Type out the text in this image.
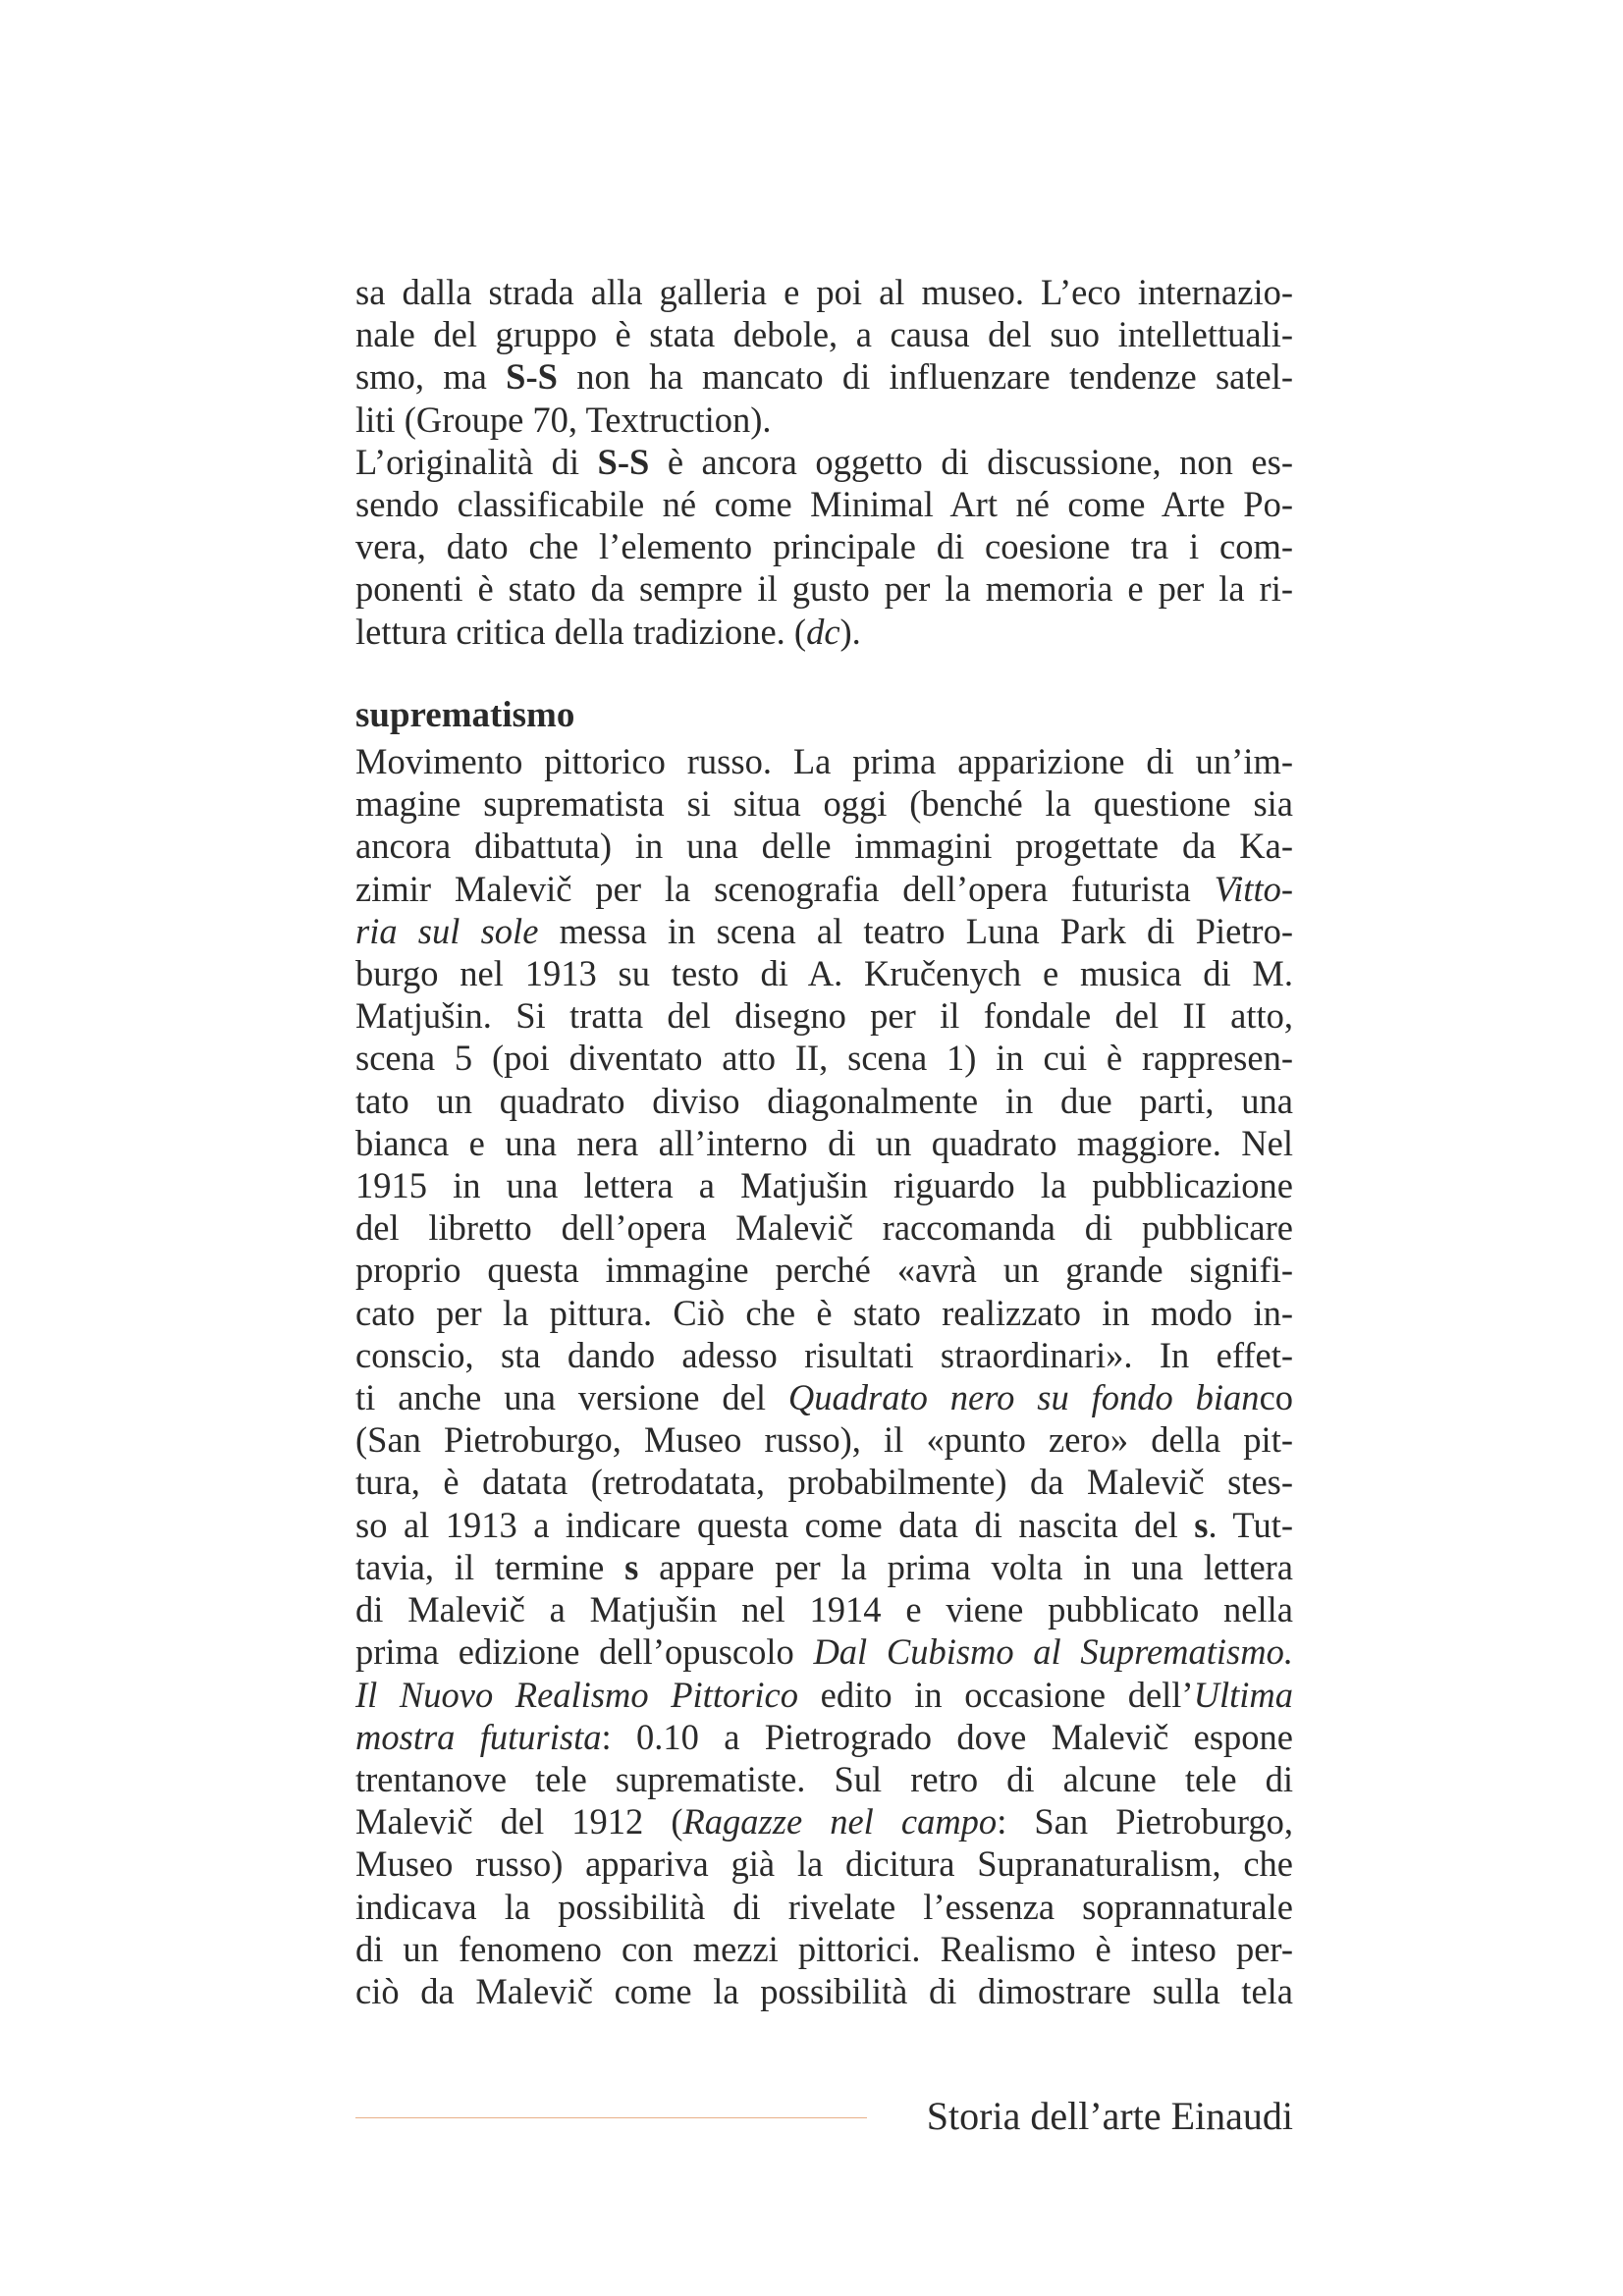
sa dalla strada alla galleria e poi al museo. L’eco internazio-
nale del gruppo è stata debole, a causa del suo intellettuali-
smo, ma S-S non ha mancato di influenzare tendenze satel-
liti (Groupe 70, Textruction).

L’originalità di S-S è ancora oggetto di discussione, non es-
sendo classificabile né come Minimal Art né come Arte Po-
vera, dato che l’elemento principale di coesione tra i com-
ponenti è stato da sempre il gusto per la memoria e per la ri-
lettura critica della tradizione. (dc).

suprematismo

Movimento pittorico russo. La prima apparizione di un’im-
magine suprematista si situa oggi (benché la questione sia
ancora dibattuta) in una delle immagini progettate da Ka-
zimir Malevič per la scenografia dell’opera futurista Vitto-
ria sul sole messa in scena al teatro Luna Park di Pietro-
burgo nel 1913 su testo di A. Kručenych e musica di M.
Matjušin. Si tratta del disegno per il fondale del II atto,
scena 5 (poi diventato atto II, scena 1) in cui è rappresen-
tato un quadrato diviso diagonalmente in due parti, una
bianca e una nera all’interno di un quadrato maggiore. Nel
1915 in una lettera a Matjušin riguardo la pubblicazione
del libretto dell’opera Malevič raccomanda di pubblicare
proprio questa immagine perché «avrà un grande signifi-
cato per la pittura. Ciò che è stato realizzato in modo in-
conscio, sta dando adesso risultati straordinari». In effet-
ti anche una versione del Quadrato nero su fondo bianco
(San Pietroburgo, Museo russo), il «punto zero» della pit-
tura, è datata (retrodatata, probabilmente) da Malevič stes-
so al 1913 a indicare questa come data di nascita del s. Tut-
tavia, il termine s appare per la prima volta in una lettera
di Malevič a Matjušin nel 1914 e viene pubblicato nella
prima edizione dell’opuscolo Dal Cubismo al Suprematismo.
Il Nuovo Realismo Pittorico edito in occasione dell’Ultima
mostra futurista: 0.10 a Pietrogrado dove Malevič espone
trentanove tele suprematiste. Sul retro di alcune tele di
Malevič del 1912 (Ragazze nel campo: San Pietroburgo,
Museo russo) appariva già la dicitura Supranaturalism, che
indicava la possibilità di rivelate l’essenza soprannaturale
di un fenomeno con mezzi pittorici. Realismo è inteso per-
ciò da Malevič come la possibilità di dimostrare sulla tela

Storia dell’arte Einaudi
